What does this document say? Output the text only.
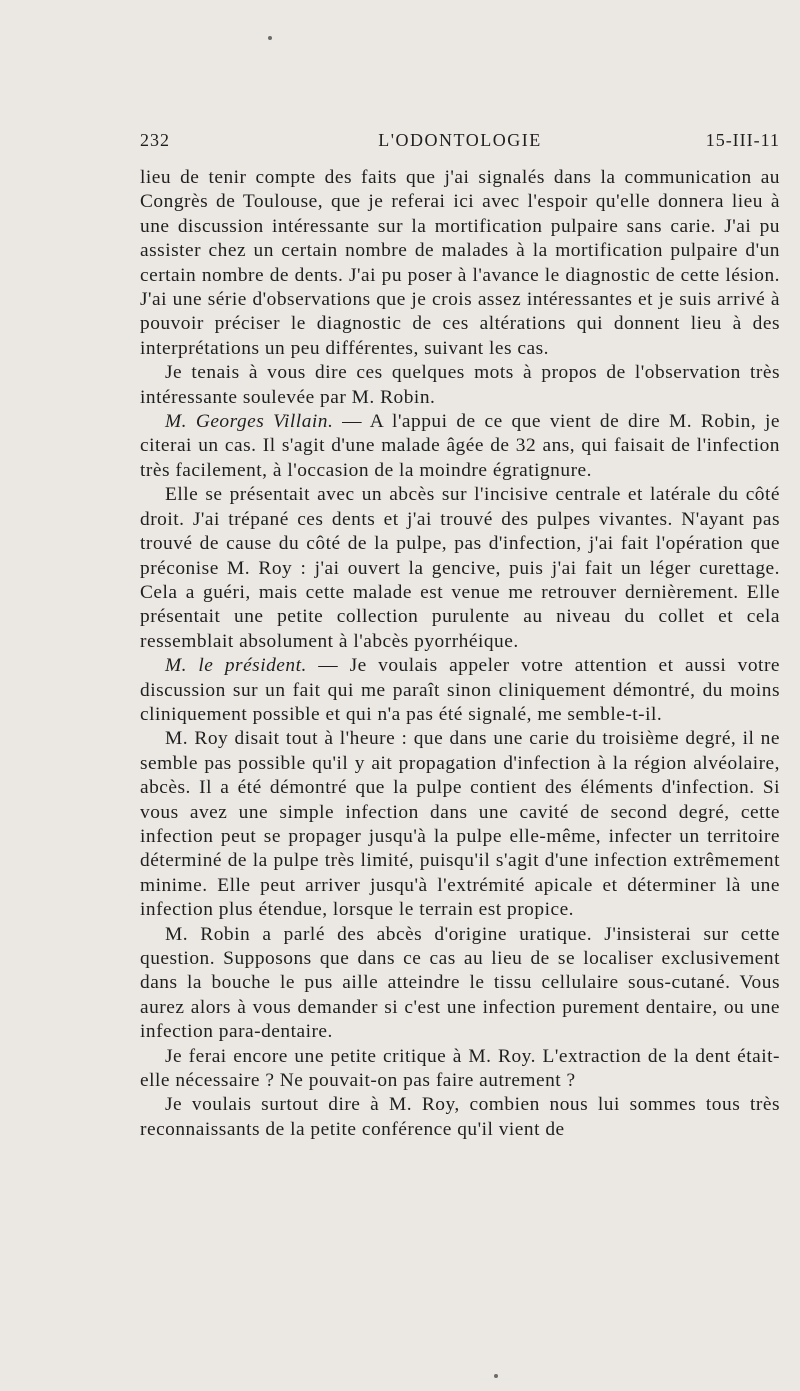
232	L'ODONTOLOGIE	15-III-11

lieu de tenir compte des faits que j'ai signalés dans la communication au Congrès de Toulouse, que je referai ici avec l'espoir qu'elle donnera lieu à une discussion intéressante sur la mortification pulpaire sans carie. J'ai pu assister chez un certain nombre de malades à la mortification pulpaire d'un certain nombre de dents. J'ai pu poser à l'avance le diagnostic de cette lésion. J'ai une série d'observations que je crois assez intéressantes et je suis arrivé à pouvoir préciser le diagnostic de ces altérations qui donnent lieu à des interprétations un peu différentes, suivant les cas.

Je tenais à vous dire ces quelques mots à propos de l'observation très intéressante soulevée par M. Robin.

M. Georges Villain. — A l'appui de ce que vient de dire M. Robin, je citerai un cas. Il s'agit d'une malade âgée de 32 ans, qui faisait de l'infection très facilement, à l'occasion de la moindre égratignure.

Elle se présentait avec un abcès sur l'incisive centrale et latérale du côté droit. J'ai trépané ces dents et j'ai trouvé des pulpes vivantes. N'ayant pas trouvé de cause du côté de la pulpe, pas d'infection, j'ai fait l'opération que préconise M. Roy : j'ai ouvert la gencive, puis j'ai fait un léger curettage. Cela a guéri, mais cette malade est venue me retrouver dernièrement. Elle présentait une petite collection purulente au niveau du collet et cela ressemblait absolument à l'abcès pyorrhéique.

M. le président. — Je voulais appeler votre attention et aussi votre discussion sur un fait qui me paraît sinon cliniquement démontré, du moins cliniquement possible et qui n'a pas été signalé, me semble-t-il.

M. Roy disait tout à l'heure : que dans une carie du troisième degré, il ne semble pas possible qu'il y ait propagation d'infection à la région alvéolaire, abcès. Il a été démontré que la pulpe contient des éléments d'infection. Si vous avez une simple infection dans une cavité de second degré, cette infection peut se propager jusqu'à la pulpe elle-même, infecter un territoire déterminé de la pulpe très limité, puisqu'il s'agit d'une infection extrêmement minime. Elle peut arriver jusqu'à l'extrémité apicale et déterminer là une infection plus étendue, lorsque le terrain est propice.

M. Robin a parlé des abcès d'origine uratique. J'insisterai sur cette question. Supposons que dans ce cas au lieu de se localiser exclusivement dans la bouche le pus aille atteindre le tissu cellulaire sous-cutané. Vous aurez alors à vous demander si c'est une infection purement dentaire, ou une infection para-dentaire.

Je ferai encore une petite critique à M. Roy. L'extraction de la dent était-elle nécessaire ? Ne pouvait-on pas faire autrement ?

Je voulais surtout dire à M. Roy, combien nous lui sommes tous très reconnaissants de la petite conférence qu'il vient de
